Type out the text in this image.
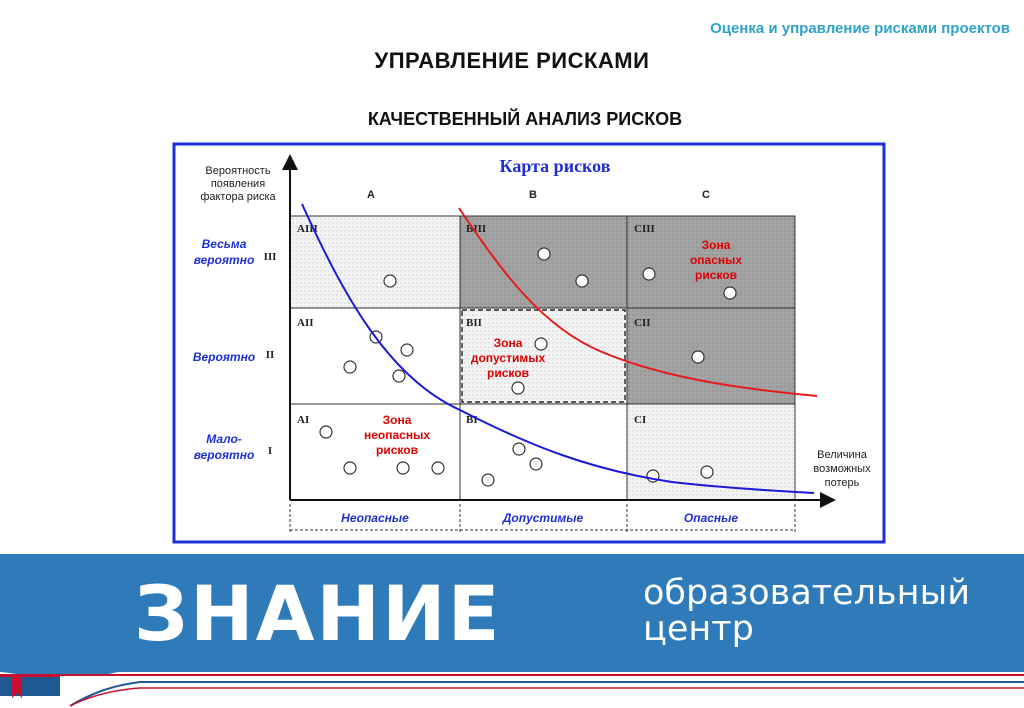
Оценка и управление рисками проектов
УПРАВЛЕНИЕ РИСКАМИ
КАЧЕСТВЕННЫЙ АНАЛИЗ РИСКОВ
Карта рисков
Вероятность
появления
фактора риска	A	B	C
Весьма
вероятно III
Вероятно II
Мало-
вероятно I
AIII	BIII	CIII
AII	BII	CII
AI	BI	CI
Зона
неопасных
рисков
Зона
допустимых
рисков
Зона
опасных
рисков
Величина
возможных
потерь
Неопасные	Допустимые	Опасные
ЗНАНИЕ	образовательный
центр
